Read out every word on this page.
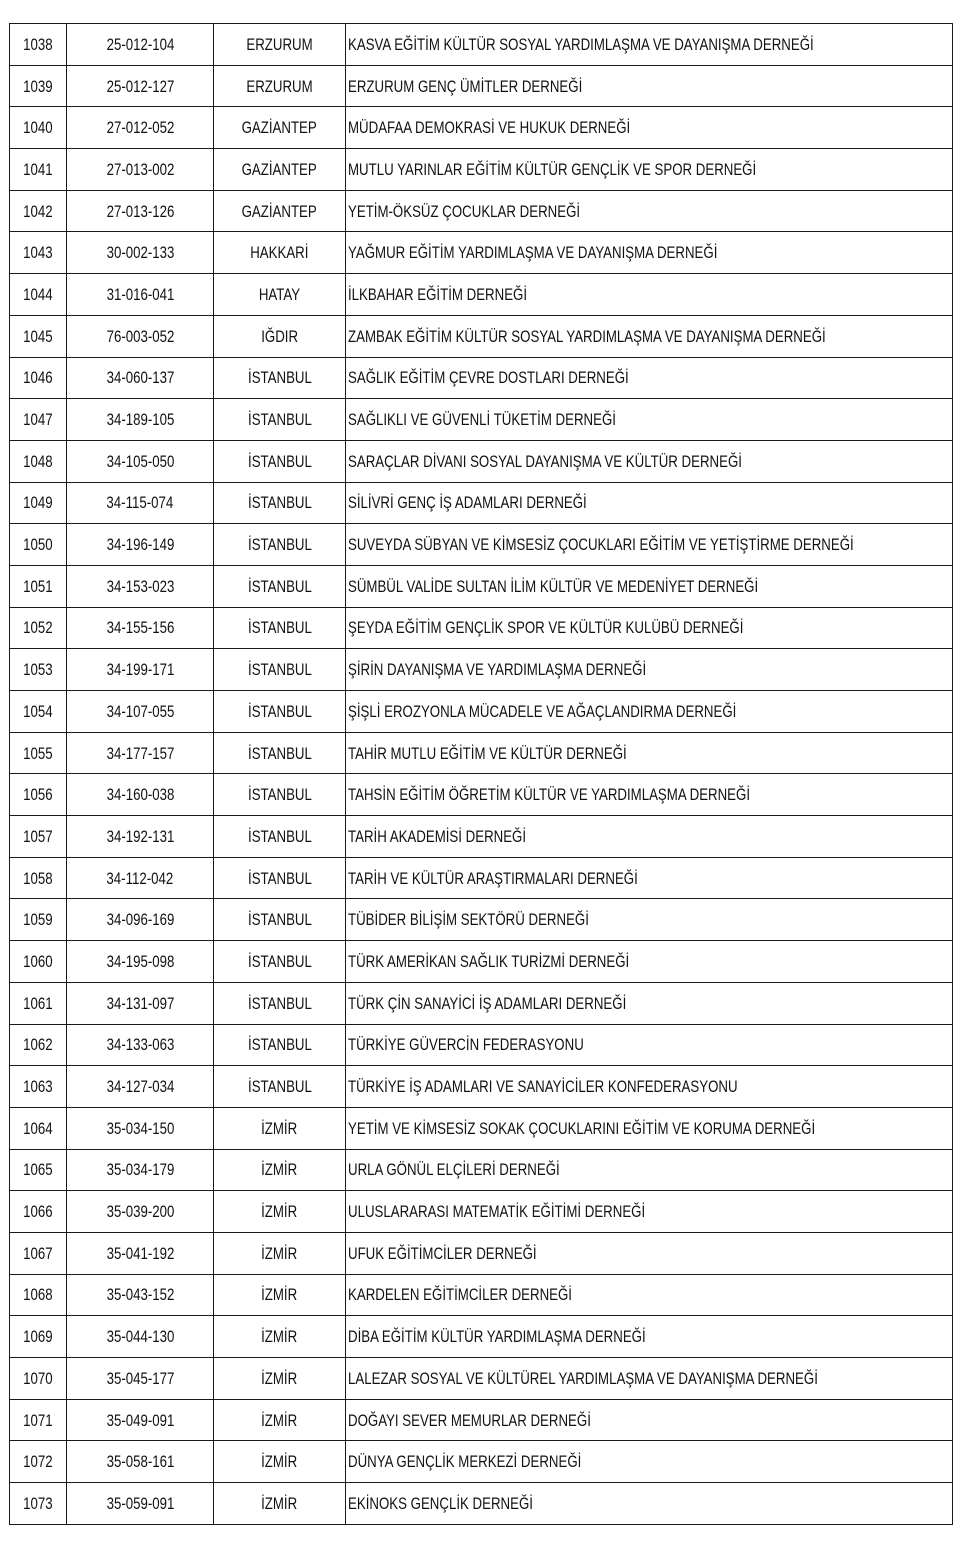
1038	25-012-104	ERZURUM	KASVA EĞİTİM KÜLTÜR SOSYAL YARDIMLAŞMA VE DAYANIŞMA DERNEĞİ
1039	25-012-127	ERZURUM	ERZURUM GENÇ ÜMİTLER DERNEĞİ
1040	27-012-052	GAZİANTEP	MÜDAFAA DEMOKRASİ VE HUKUK DERNEĞİ
1041	27-013-002	GAZİANTEP	MUTLU YARINLAR EĞİTİM KÜLTÜR GENÇLİK VE SPOR DERNEĞİ
1042	27-013-126	GAZİANTEP	YETİM-ÖKSÜZ ÇOCUKLAR DERNEĞİ
1043	30-002-133	HAKKARİ	YAĞMUR EĞİTİM YARDIMLAŞMA VE DAYANIŞMA DERNEĞİ
1044	31-016-041	HATAY	İLKBAHAR EĞİTİM DERNEĞİ
1045	76-003-052	IĞDIR	ZAMBAK EĞİTİM KÜLTÜR SOSYAL YARDIMLAŞMA VE DAYANIŞMA DERNEĞİ
1046	34-060-137	İSTANBUL	SAĞLIK EĞİTİM ÇEVRE DOSTLARI DERNEĞİ
1047	34-189-105	İSTANBUL	SAĞLIKLI VE GÜVENLİ TÜKETİM DERNEĞİ
1048	34-105-050	İSTANBUL	SARAÇLAR DİVANI SOSYAL DAYANIŞMA VE KÜLTÜR DERNEĞİ
1049	34-115-074	İSTANBUL	SİLİVRİ GENÇ İŞ ADAMLARI DERNEĞİ
1050	34-196-149	İSTANBUL	SUVEYDA SÜBYAN VE KİMSESİZ ÇOCUKLARI EĞİTİM VE YETİŞTİRME DERNEĞİ
1051	34-153-023	İSTANBUL	SÜMBÜL VALİDE SULTAN İLİM KÜLTÜR VE MEDENİYET DERNEĞİ
1052	34-155-156	İSTANBUL	ŞEYDA EĞİTİM GENÇLİK SPOR VE KÜLTÜR KULÜBÜ DERNEĞİ
1053	34-199-171	İSTANBUL	ŞİRİN DAYANIŞMA VE YARDIMLAŞMA DERNEĞİ
1054	34-107-055	İSTANBUL	ŞİŞLİ EROZYONLA MÜCADELE VE AĞAÇLANDIRMA DERNEĞİ
1055	34-177-157	İSTANBUL	TAHİR MUTLU EĞİTİM VE KÜLTÜR DERNEĞİ
1056	34-160-038	İSTANBUL	TAHSİN EĞİTİM ÖĞRETİM KÜLTÜR VE YARDIMLAŞMA DERNEĞİ
1057	34-192-131	İSTANBUL	TARİH AKADEMİSİ DERNEĞİ
1058	34-112-042	İSTANBUL	TARİH VE KÜLTÜR ARAŞTIRMALARI DERNEĞİ
1059	34-096-169	İSTANBUL	TÜBİDER BİLİŞİM SEKTÖRÜ DERNEĞİ
1060	34-195-098	İSTANBUL	TÜRK AMERİKAN SAĞLIK TURİZMİ DERNEĞİ
1061	34-131-097	İSTANBUL	TÜRK ÇİN SANAYİCİ İŞ ADAMLARI DERNEĞİ
1062	34-133-063	İSTANBUL	TÜRKİYE GÜVERCİN FEDERASYONU
1063	34-127-034	İSTANBUL	TÜRKİYE İŞ ADAMLARI VE SANAYİCİLER KONFEDERASYONU
1064	35-034-150	İZMİR	YETİM VE KİMSESİZ SOKAK ÇOCUKLARINI EĞİTİM VE KORUMA DERNEĞİ
1065	35-034-179	İZMİR	URLA GÖNÜL ELÇİLERİ DERNEĞİ
1066	35-039-200	İZMİR	ULUSLARARASI MATEMATİK EĞİTİMİ DERNEĞİ
1067	35-041-192	İZMİR	UFUK EĞİTİMCİLER DERNEĞİ
1068	35-043-152	İZMİR	KARDELEN EĞİTİMCİLER DERNEĞİ
1069	35-044-130	İZMİR	DİBA EĞİTİM KÜLTÜR YARDIMLAŞMA DERNEĞİ
1070	35-045-177	İZMİR	LALEZAR SOSYAL VE KÜLTÜREL YARDIMLAŞMA VE DAYANIŞMA DERNEĞİ
1071	35-049-091	İZMİR	DOĞAYI SEVER MEMURLAR DERNEĞİ
1072	35-058-161	İZMİR	DÜNYA GENÇLİK MERKEZİ DERNEĞİ
1073	35-059-091	İZMİR	EKİNOKS GENÇLİK DERNEĞİ
